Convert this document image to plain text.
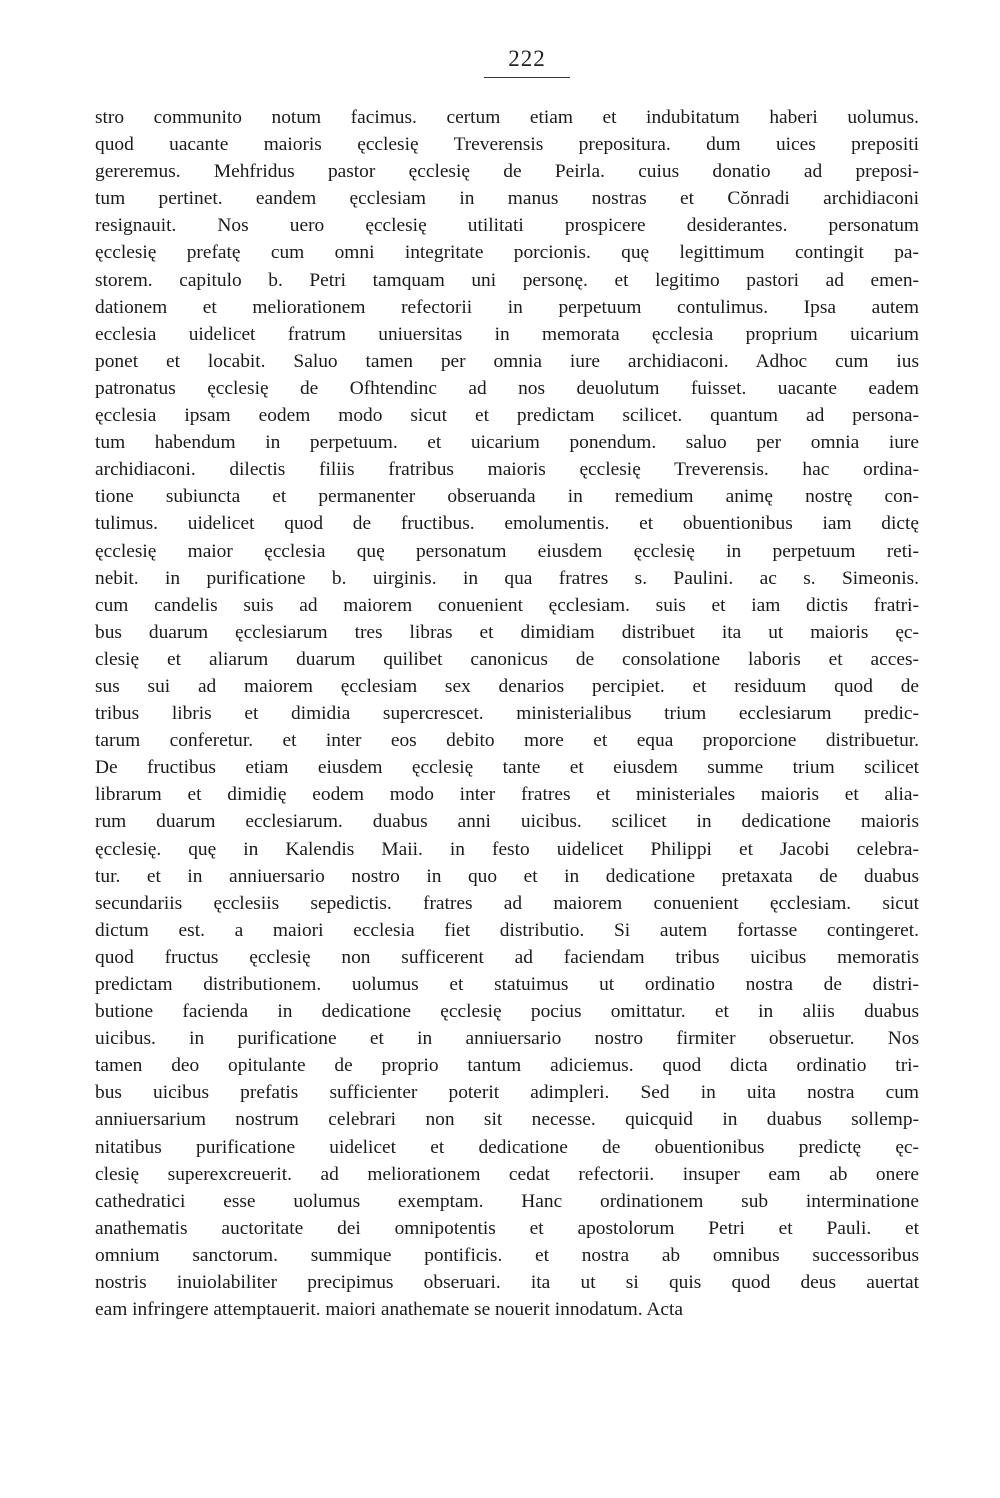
222
stro communito notum facimus. certum etiam et indubitatum haberi uolumus.
quod uacante maioris ęcclesię Treverensis prepositura. dum uices prepositi
gereremus. Mehfridus pastor ęcclesię de Peirla. cuius donatio ad preposi-
tum pertinet. eandem ęcclesiam in manus nostras et Cŏnradi archidiaconi
resignauit. Nos uero ęcclesię utilitati prospicere desiderantes. personatum
ęcclesię prefatę cum omni integritate porcionis. quę legittimum contingit pa-
storem. capitulo b. Petri tamquam uni personę. et legitimo pastori ad emen-
dationem et meliorationem refectorii in perpetuum contulimus. Ipsa autem
ecclesia uidelicet fratrum uniuersitas in memorata ęcclesia proprium uicarium
ponet et locabit. Saluo tamen per omnia iure archidiaconi. Adhoc cum ius
patronatus ęcclesię de Ofhtendinc ad nos deuolutum fuisset. uacante eadem
ęcclesia ipsam eodem modo sicut et predictam scilicet. quantum ad persona-
tum habendum in perpetuum. et uicarium ponendum. saluo per omnia iure
archidiaconi. dilectis filiis fratribus maioris ęcclesię Treverensis. hac ordina-
tione subiuncta et permanenter obseruanda in remedium animę nostrę con-
tulimus. uidelicet quod de fructibus. emolumentis. et obuentionibus iam dictę
ęcclesię maior ęcclesia quę personatum eiusdem ęcclesię in perpetuum reti-
nebit. in purificatione b. uirginis. in qua fratres s. Paulini. ac s. Simeonis.
cum candelis suis ad maiorem conuenient ęcclesiam. suis et iam dictis fratri-
bus duarum ęcclesiarum tres libras et dimidiam distribuet ita ut maioris ęc-
clesię et aliarum duarum quilibet canonicus de consolatione laboris et acces-
sus sui ad maiorem ęcclesiam sex denarios percipiet. et residuum quod de
tribus libris et dimidia supercrescet. ministerialibus trium ecclesiarum predic-
tarum conferetur. et inter eos debito more et equa proporcione distribuetur.
De fructibus etiam eiusdem ęcclesię tante et eiusdem summe trium scilicet
librarum et dimidię eodem modo inter fratres et ministeriales maioris et alia-
rum duarum ecclesiarum. duabus anni uicibus. scilicet in dedicatione maioris
ęcclesię. quę in Kalendis Maii. in festo uidelicet Philippi et Jacobi celebra-
tur. et in anniuersario nostro in quo et in dedicatione pretaxata de duabus
secundariis ęcclesiis sepedictis. fratres ad maiorem conuenient ęcclesiam. sicut
dictum est. a maiori ecclesia fiet distributio. Si autem fortasse contingeret.
quod fructus ęcclesię non sufficerent ad faciendam tribus uicibus memoratis
predictam distributionem. uolumus et statuimus ut ordinatio nostra de distri-
butione facienda in dedicatione ęcclesię pocius omittatur. et in aliis duabus
uicibus. in purificatione et in anniuersario nostro firmiter obseruetur. Nos
tamen deo opitulante de proprio tantum adiciemus. quod dicta ordinatio tri-
bus uicibus prefatis sufficienter poterit adimpleri. Sed in uita nostra cum
anniuersarium nostrum celebrari non sit necesse. quicquid in duabus sollemp-
nitatibus purificatione uidelicet et dedicatione de obuentionibus predictę ęc-
clesię superexcreuerit. ad meliorationem cedat refectorii. insuper eam ab onere
cathedratici esse uolumus exemptam. Hanc ordinationem sub interminatione
anathematis auctoritate dei omnipotentis et apostolorum Petri et Pauli. et
omnium sanctorum. summique pontificis. et nostra ab omnibus successoribus
nostris inuiolabiliter precipimus obseruari. ita ut si quis quod deus auertat
eam infringere attemptauerit. maiori anathemate se nouerit innodatum. Acta
